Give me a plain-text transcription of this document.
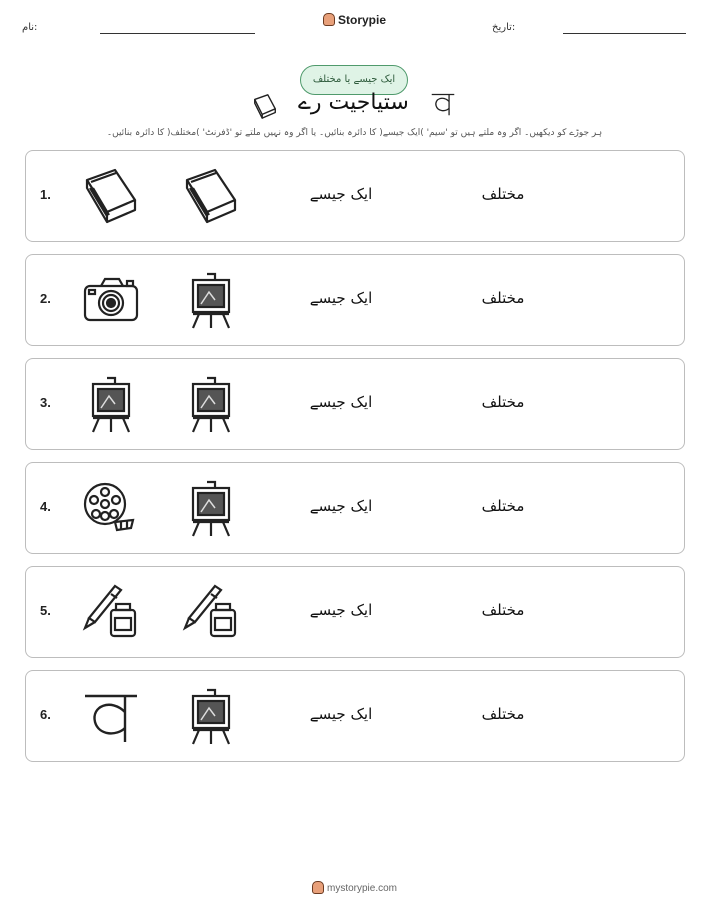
نام:
Storypie
تاریخ:
ایک جیسے یا مختلف
ستیاجیت رے
ہر جوڑے کو دیکھیں۔ اگر وہ ملتے ہیں تو 'سیم' )ایک جیسے( کا دائرہ بنائیں۔ یا اگر وہ نہیں ملتے تو 'ڈفرنٹ' )مختلف( کا دائرہ بنائیں۔
1.	ایک جیسے	مختلف
2.	ایک جیسے	مختلف
3.	ایک جیسے	مختلف
4.	ایک جیسے	مختلف
5.	ایک جیسے	مختلف
6.	ایک جیسے	مختلف
mystorypie.com
